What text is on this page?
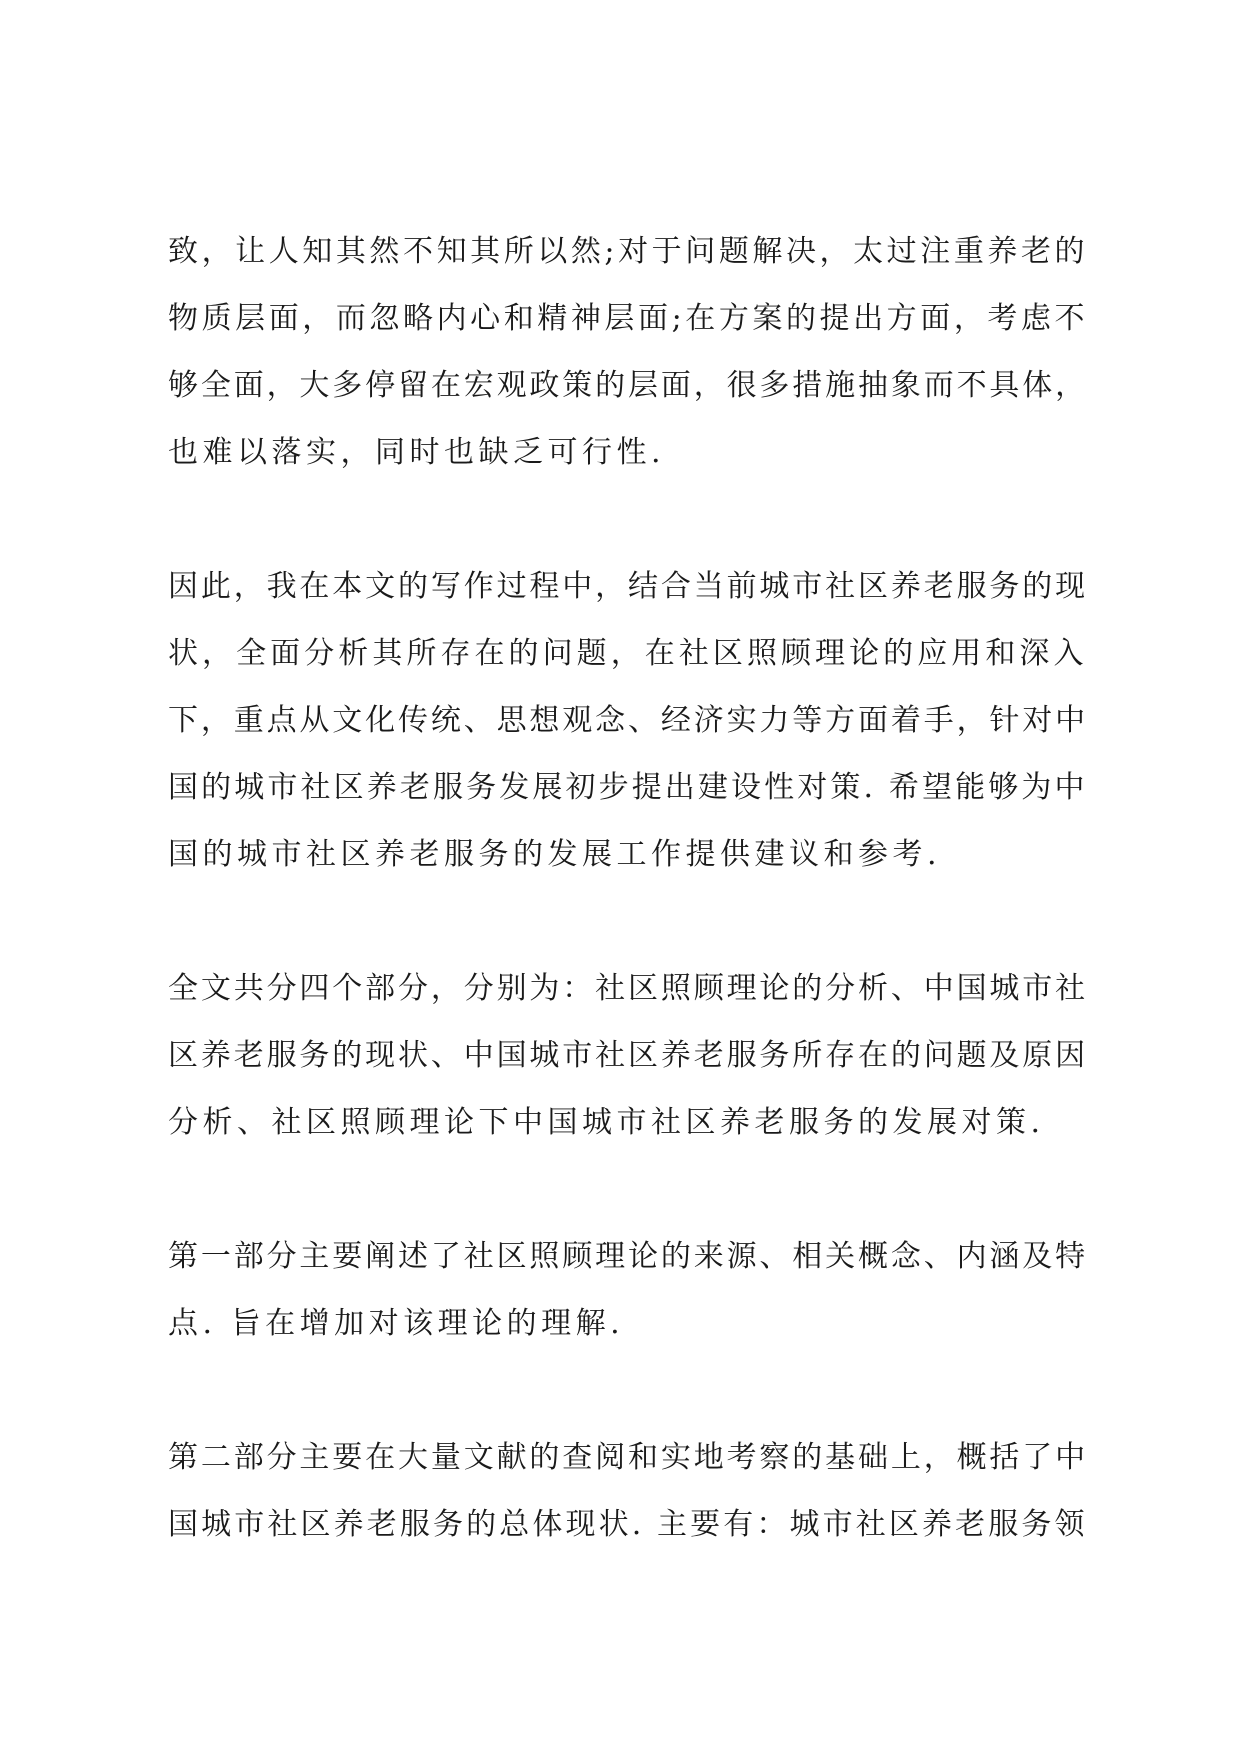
致，让人知其然不知其所以然;对于问题解决，太过注重养老的
物质层面，而忽略内心和精神层面;在方案的提出方面，考虑不
够全面，大多停留在宏观政策的层面，很多措施抽象而不具体，
也难以落实，同时也缺乏可行性.
因此，我在本文的写作过程中，结合当前城市社区养老服务的现
状，全面分析其所存在的问题，在社区照顾理论的应用和深入
下，重点从文化传统、思想观念、经济实力等方面着手，针对中
国的城市社区养老服务发展初步提出建设性对策. 希望能够为中
国的城市社区养老服务的发展工作提供建议和参考.
全文共分四个部分，分别为：社区照顾理论的分析、中国城市社
区养老服务的现状、中国城市社区养老服务所存在的问题及原因
分析、社区照顾理论下中国城市社区养老服务的发展对策.
第一部分主要阐述了社区照顾理论的来源、相关概念、内涵及特
点. 旨在增加对该理论的理解.
第二部分主要在大量文献的查阅和实地考察的基础上，概括了中
国城市社区养老服务的总体现状. 主要有：城市社区养老服务领
